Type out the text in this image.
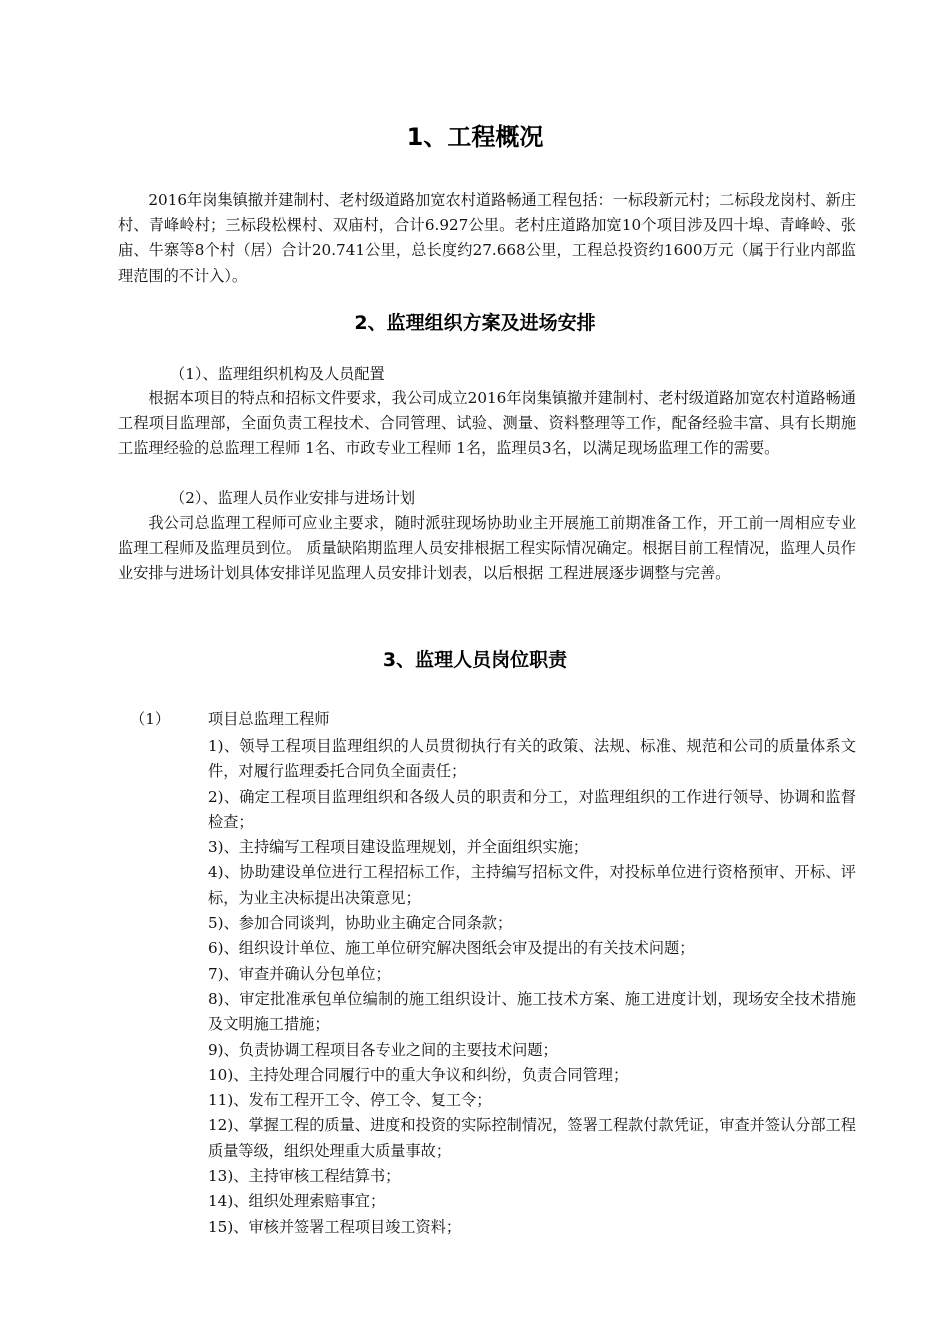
1、工程概况

2016年岗集镇撤并建制村、老村级道路加宽农村道路畅通工程包括：一标段新元村；二标段龙岗村、新庄村、青峰岭村；三标段松棵村、双庙村，合计6.927公里。老村庄道路加宽10个项目涉及四十埠、青峰岭、张庙、牛寨等8个村（居）合计20.741公里，总长度约27.668公里，工程总投资约1600万元（属于行业内部监理范围的不计入）。

2、监理组织方案及进场安排

（1）、监理组织机构及人员配置

根据本项目的特点和招标文件要求，我公司成立2016年岗集镇撤并建制村、老村级道路加宽农村道路畅通工程项目监理部，全面负责工程技术、合同管理、试验、测量、资料整理等工作，配备经验丰富、具有长期施工监理经验的总监理工程师 1名、市政专业工程师 1名，监理员3名，以满足现场监理工作的需要。

（2）、监理人员作业安排与进场计划

我公司总监理工程师可应业主要求，随时派驻现场协助业主开展施工前期准备工作，开工前一周相应专业监理工程师及监理员到位。 质量缺陷期监理人员安排根据工程实际情况确定。根据目前工程情况，监理人员作业安排与进场计划具体安排详见监理人员安排计划表，以后根据 工程进展逐步调整与完善。

3、监理人员岗位职责
（1） 项目总监理工程师
1)、领导工程项目监理组织的人员贯彻执行有关的政策、法规、标准、规范和公司的质量体系文件，对履行监理委托合同负全面责任；
2)、确定工程项目监理组织和各级人员的职责和分工，对监理组织的工作进行领导、协调和监督检查；
3)、主持编写工程项目建设监理规划，并全面组织实施；
4)、协助建设单位进行工程招标工作，主持编写招标文件，对投标单位进行资格预审、开标、评标，为业主决标提出决策意见；
5)、参加合同谈判，协助业主确定合同条款；
6)、组织设计单位、施工单位研究解决图纸会审及提出的有关技术问题；
7)、审查并确认分包单位；
8)、审定批准承包单位编制的施工组织设计、施工技术方案、施工进度计划，现场安全技术措施及文明施工措施；
9)、负责协调工程项目各专业之间的主要技术问题；
10)、主持处理合同履行中的重大争议和纠纷，负责合同管理；
11)、发布工程开工令、停工令、复工令；
12)、掌握工程的质量、进度和投资的实际控制情况，签署工程款付款凭证，审查并签认分部工程质量等级，组织处理重大质量事故；
13)、主持审核工程结算书；
14)、组织处理索赔事宜；
15)、审核并签署工程项目竣工资料；
